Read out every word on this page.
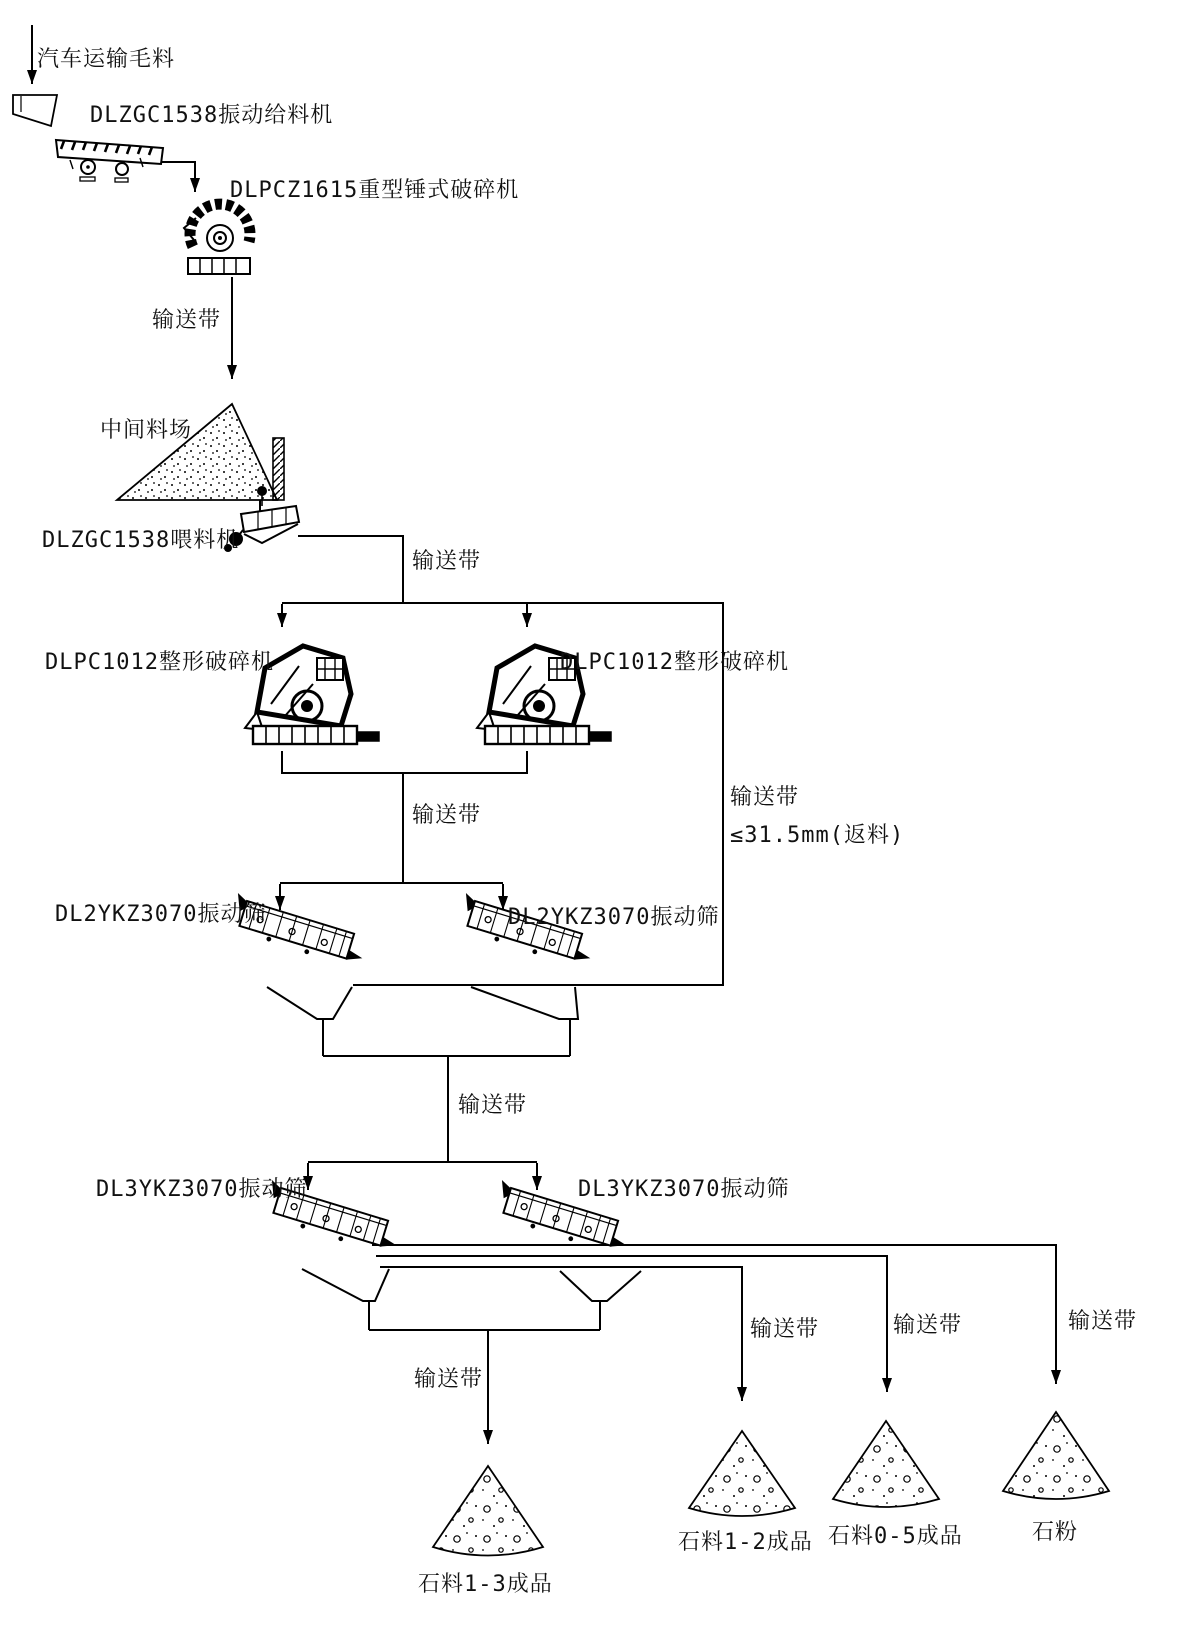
汽车运输毛料
DLZGC1538振动给料机
DLPCZ1615重型锤式破碎机
输送带
中间料场
DLZGC1538喂料机
输送带
DLPC1012整形破碎机	DLPC1012整形破碎机
输送带
输送带
≤31.5mm(返料)
DL2YKZ3070振动筛	DL2YKZ3070振动筛
输送带
DL3YKZ3070振动筛	DL3YKZ3070振动筛
输送带
输送带	输送带	输送带
石料1-3成品
石料1-2成品 石料0-5成品	石粉
